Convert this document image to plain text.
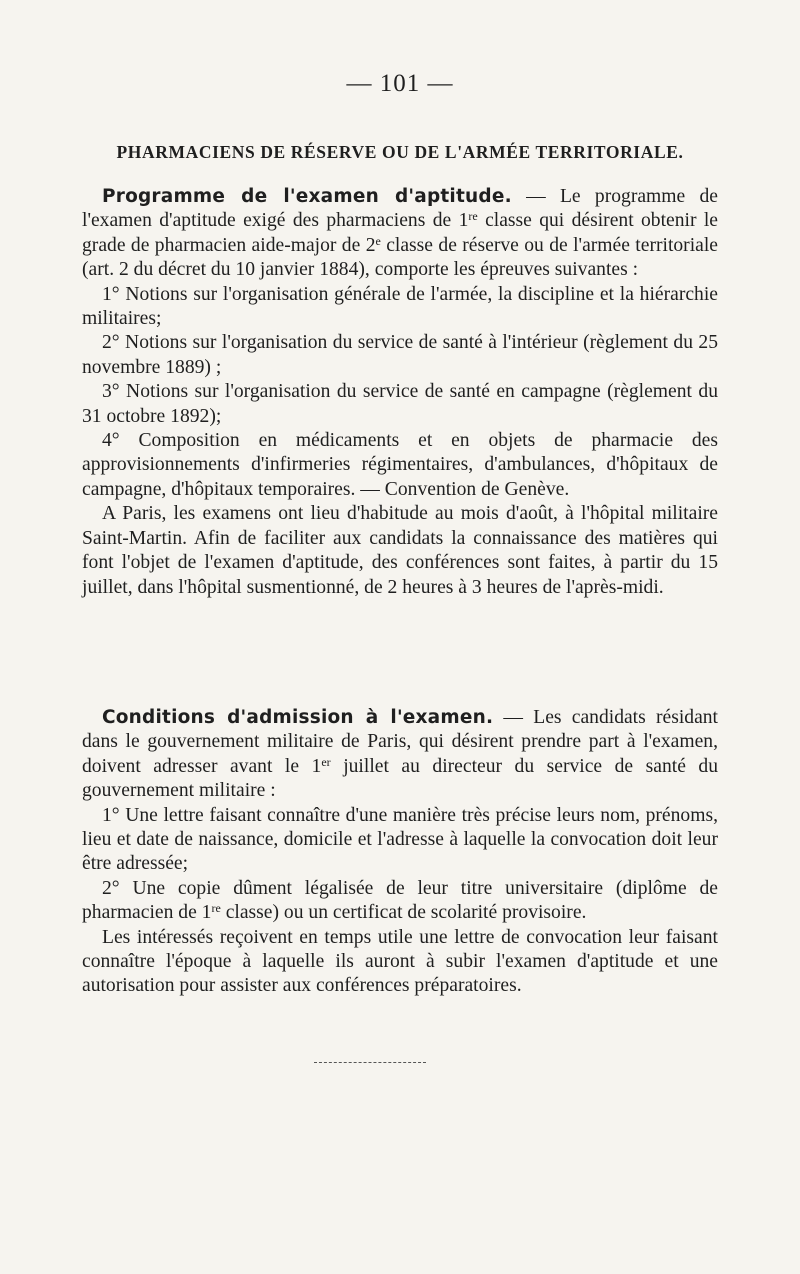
— 101 —
PHARMACIENS DE RÉSERVE OU DE L'ARMÉE TERRITORIALE.

Programme de l'examen d'aptitude. — Le programme de l'examen d'aptitude exigé des pharmaciens de 1re classe qui désirent obtenir le grade de pharmacien aide-major de 2e classe de réserve ou de l'armée territoriale (art. 2 du décret du 10 janvier 1884), comporte les épreuves suivantes :

1° Notions sur l'organisation générale de l'armée, la discipline et la hiérarchie militaires;

2° Notions sur l'organisation du service de santé à l'intérieur (règlement du 25 novembre 1889) ;

3° Notions sur l'organisation du service de santé en campagne (règlement du 31 octobre 1892);

4° Composition en médicaments et en objets de pharmacie des approvisionnements d'infirmeries régimentaires, d'ambulances, d'hôpitaux de campagne, d'hôpitaux temporaires. — Convention de Genève.

A Paris, les examens ont lieu d'habitude au mois d'août, à l'hôpital militaire Saint-Martin. Afin de faciliter aux candidats la connaissance des matières qui font l'objet de l'examen d'aptitude, des conférences sont faites, à partir du 15 juillet, dans l'hôpital susmentionné, de 2 heures à 3 heures de l'après-midi.

Conditions d'admission à l'examen. — Les candidats résidant dans le gouvernement militaire de Paris, qui désirent prendre part à l'examen, doivent adresser avant le 1er juillet au directeur du service de santé du gouvernement militaire :

1° Une lettre faisant connaître d'une manière très précise leurs nom, prénoms, lieu et date de naissance, domicile et l'adresse à laquelle la convocation doit leur être adressée;

2° Une copie dûment légalisée de leur titre universitaire (diplôme de pharmacien de 1re classe) ou un certificat de scolarité provisoire.

Les intéressés reçoivent en temps utile une lettre de convocation leur faisant connaître l'époque à laquelle ils auront à subir l'examen d'aptitude et une autorisation pour assister aux conférences préparatoires.
